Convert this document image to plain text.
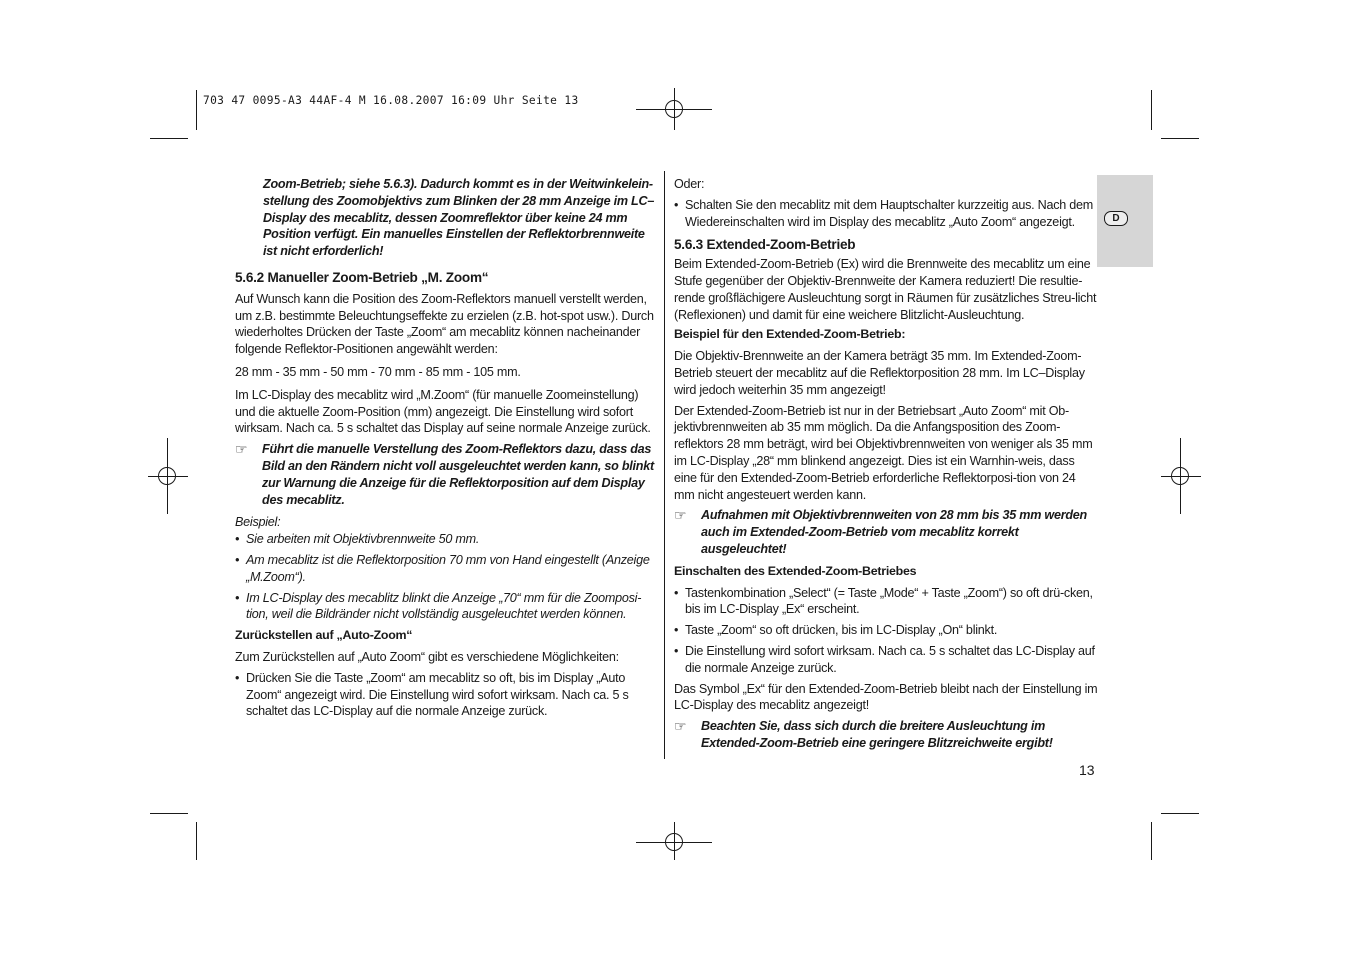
703 47 0095-A3 44AF-4 M 16.08.2007 16:09 Uhr Seite 13
D

Zoom-Betrieb; siehe 5.6.3). Dadurch kommt es in der Weitwinkelein-stellung des Zoomobjektivs zum Blinken der 28 mm Anzeige im LC–Display des mecablitz, dessen Zoomreflektor über keine 24 mm Position verfügt. Ein manuelles Einstellen der Reflektorbrennweite ist nicht erforderlich!

5.6.2 Manueller Zoom-Betrieb „M. Zoom“

Auf Wunsch kann die Position des Zoom-Reflektors manuell verstellt werden, um z.B. bestimmte Beleuchtungseffekte zu erzielen (z.B. hot-spot usw.). Durch wiederholtes Drücken der Taste „Zoom“ am mecablitz können nacheinander folgende Reflektor-Positionen angewählt werden:

28 mm - 35 mm - 50 mm - 70 mm - 85 mm - 105 mm.

Im LC-Display des mecablitz wird „M.Zoom“ (für manuelle Zoomeinstellung) und die aktuelle Zoom-Position (mm) angezeigt. Die Einstellung wird sofort wirksam. Nach ca. 5 s schaltet das Display auf seine normale Anzeige zurück.

☞	Führt die manuelle Verstellung des Zoom-Reflektors dazu, dass das Bild an den Rändern nicht voll ausgeleuchtet werden kann, so blinkt zur Warnung die Anzeige für die Reflektorposition auf dem Display des mecablitz.

Beispiel:

• Sie arbeiten mit Objektivbrennweite 50 mm.
• Am mecablitz ist die Reflektorposition 70 mm von Hand eingestellt (Anzeige „M.Zoom“).
• Im LC-Display des mecablitz blinkt die Anzeige „70“ mm für die Zoomposi-tion, weil die Bildränder nicht vollständig ausgeleuchtet werden können.

Zurückstellen auf „Auto-Zoom“

Zum Zurückstellen auf „Auto Zoom“ gibt es verschiedene Möglichkeiten:

• Drücken Sie die Taste „Zoom“ am mecablitz so oft, bis im Display „Auto Zoom“ angezeigt wird. Die Einstellung wird sofort wirksam. Nach ca. 5 s schaltet das LC-Display auf die normale Anzeige zurück.

Oder:

• Schalten Sie den mecablitz mit dem Hauptschalter kurzzeitig aus. Nach dem Wiedereinschalten wird im Display des mecablitz „Auto Zoom“ angezeigt.

5.6.3 Extended-Zoom-Betrieb

Beim Extended-Zoom-Betrieb (Ex) wird die Brennweite des mecablitz um eine Stufe gegenüber der Objektiv-Brennweite der Kamera reduziert! Die resultie-rende großflächigere Ausleuchtung sorgt in Räumen für zusätzliches Streu-licht (Reflexionen) und damit für eine weichere Blitzlicht-Ausleuchtung.

Beispiel für den Extended-Zoom-Betrieb:

Die Objektiv-Brennweite an der Kamera beträgt 35 mm. Im Extended-Zoom-Betrieb steuert der mecablitz auf die Reflektorposition 28 mm. Im LC–Display wird jedoch weiterhin 35 mm angezeigt!

Der Extended-Zoom-Betrieb ist nur in der Betriebsart „Auto Zoom“ mit Ob-jektivbrennweiten ab 35 mm möglich. Da die Anfangsposition des Zoom-reflektors 28 mm beträgt, wird bei Objektivbrennweiten von weniger als 35 mm im LC-Display „28“ mm blinkend angezeigt. Dies ist ein Warnhin-weis, dass eine für den Extended-Zoom-Betrieb erforderliche Reflektorposi-tion von 24 mm nicht angesteuert werden kann.

☞	Aufnahmen mit Objektivbrennweiten von 28 mm bis 35 mm werden auch im Extended-Zoom-Betrieb vom mecablitz korrekt ausgeleuchtet!

Einschalten des Extended-Zoom-Betriebes

• Tastenkombination „Select“ (= Taste „Mode“ + Taste „Zoom“) so oft drü-cken, bis im LC-Display „Ex“ erscheint.
• Taste „Zoom“ so oft drücken, bis im LC-Display „On“ blinkt.
• Die Einstellung wird sofort wirksam. Nach ca. 5 s schaltet das LC-Display auf die normale Anzeige zurück.

Das Symbol „Ex“ für den Extended-Zoom-Betrieb bleibt nach der Einstellung im LC-Display des mecablitz angezeigt!

☞	Beachten Sie, dass sich durch die breitere Ausleuchtung im Extended-Zoom-Betrieb eine geringere Blitzreichweite ergibt!
13
